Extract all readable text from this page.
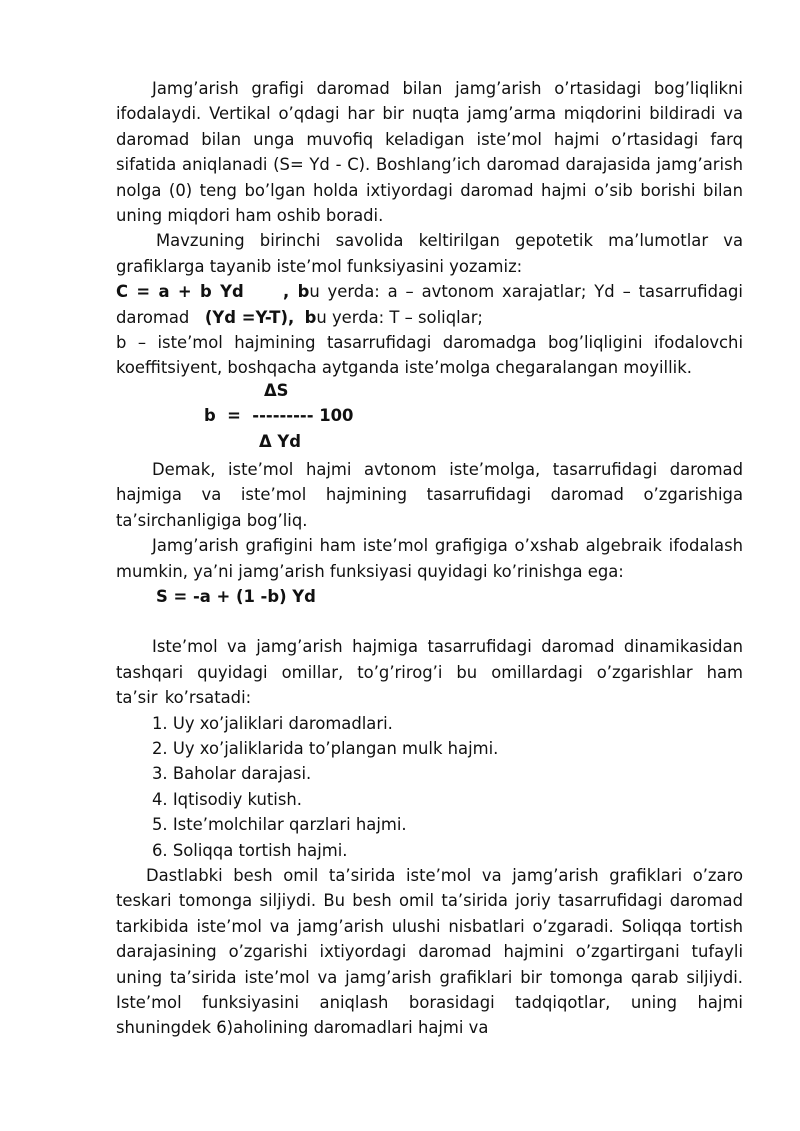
Jamg’arish grafigi daromad bilan jamg’arish o’rtasidagi bog’liqlikni ifodalaydi. Vertikal o’qdagi har bir nuqta jamg’arma miqdorini bildiradi va daromad bilan unga muvofiq keladigan iste’mol hajmi o’rtasidagi farq sifatida aniqlanadi (S= Yd - C). Boshlang’ich daromad darajasida jamg’arish nolga (0) teng bo’lgan holda ixtiyordagi daromad hajmi o’sib borishi bilan uning miqdori ham oshib boradi.

Mavzuning birinchi savolida keltirilgan gepotetik ma’lumotlar va grafiklarga tayanib iste’mol funksiyasini yozamiz:

C = a + b Yd , bu yerda: a – avtonom xarajatlar; Yd – tasarrufidagi

daromad (Yd =Y-T), bu yerda: T – soliqlar;

b – iste’mol hajmining tasarrufidagi daromadga bog’liqligini ifodalovchi koeffitsiyent, boshqacha aytganda iste’molga chegaralangan moyillik.

ΔS
b  =  --------- 100
Δ Yd

Demak, iste’mol hajmi avtonom iste’molga, tasarrufidagi daromad hajmiga va iste’mol hajmining tasarrufidagi daromad o’zgarishiga ta’sirchanligiga bog’liq.

Jamg’arish grafigini ham iste’mol grafigiga o’xshab algebraik ifodalash mumkin, ya’ni jamg’arish funksiyasi quyidagi ko’rinishga ega:

S = -a + (1 -b) Yd

Iste’mol va jamg’arish hajmiga tasarrufidagi daromad dinamikasidan tashqari quyidagi omillar, to’g’rirog’i bu omillardagi o’zgarishlar ham ta’sir ko’rsatadi:

1. Uy xo’jaliklari daromadlari.
2. Uy xo’jaliklarida to’plangan mulk hajmi.
3. Baholar darajasi.
4. Iqtisodiy kutish.
5. Iste’molchilar qarzlari hajmi.
6. Soliqqa tortish hajmi.

Dastlabki besh omil ta’sirida iste’mol va jamg’arish grafiklari o’zaro teskari tomonga siljiydi. Bu besh omil ta’sirida joriy tasarrufidagi daromad tarkibida iste’mol va jamg’arish ulushi nisbatlari o’zgaradi. Soliqqa tortish darajasining o’zgarishi ixtiyordagi daromad hajmini o’zgartirgani tufayli uning ta’sirida iste’mol va jamg’arish grafiklari bir tomonga qarab siljiydi. Iste’mol funksiyasini aniqlash borasidagi tadqiqotlar, uning hajmi shuningdek 6)aholining daromadlari hajmi va
